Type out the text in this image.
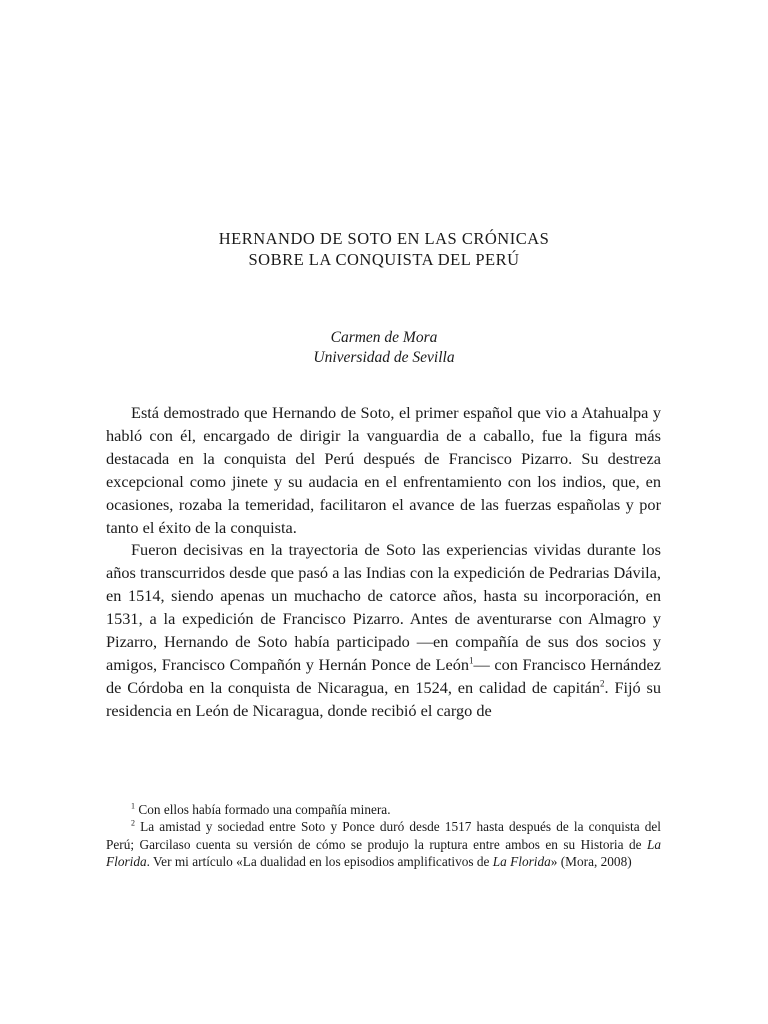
HERNANDO DE SOTO EN LAS CRÓNICAS
SOBRE LA CONQUISTA DEL PERÚ
Carmen de Mora
Universidad de Sevilla

Está demostrado que Hernando de Soto, el primer español que vio a Atahualpa y habló con él, encargado de dirigir la vanguardia de a caballo, fue la figura más destacada en la conquista del Perú después de Francisco Pizarro. Su destreza excepcional como jinete y su audacia en el enfrentamiento con los indios, que, en ocasiones, rozaba la temeridad, facilitaron el avance de las fuerzas españolas y por tanto el éxito de la conquista.

Fueron decisivas en la trayectoria de Soto las experiencias vividas durante los años transcurridos desde que pasó a las Indias con la expedición de Pedrarias Dávila, en 1514, siendo apenas un muchacho de catorce años, hasta su incorporación, en 1531, a la expedición de Francisco Pizarro. Antes de aventurarse con Almagro y Pizarro, Hernando de Soto había participado —en compañía de sus dos socios y amigos, Francisco Compañón y Hernán Ponce de León$^1$— con Francisco Hernández de Córdoba en la conquista de Nicaragua, en 1524, en calidad de capitán$^2$. Fijó su residencia en León de Nicaragua, donde recibió el cargo de

$^1$ Con ellos había formado una compañía minera.

$^2$ La amistad y sociedad entre Soto y Ponce duró desde 1517 hasta después de la conquista del Perú; Garcilaso cuenta su versión de cómo se produjo la ruptura entre ambos en su Historia de La Florida. Ver mi artículo «La dualidad en los episodios amplificativos de La Florida» (Mora, 2008)
